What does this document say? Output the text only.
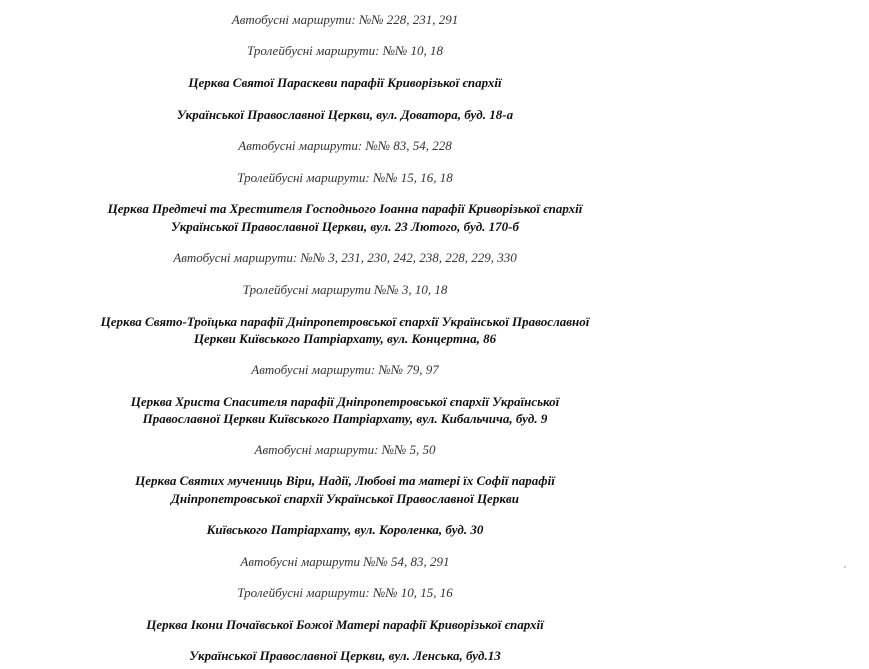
Автобусні маршрути: №№ 228, 231, 291
Тролейбусні маршрути: №№ 10, 18
Церква Святої Параскеви парафії Криворізької єпархії
Української Православної Церкви, вул. Доватора, буд. 18-а
Автобусні маршрути: №№ 83, 54, 228
Тролейбусні маршрути: №№ 15, 16, 18
Церква Предтечі та Хрестителя Господнього Іоанна парафії Криворізької єпархії
Української Православної Церкви, вул. 23 Лютого, буд. 170-б
Автобусні маршрути: №№ 3, 231, 230, 242, 238, 228, 229, 330
Тролейбусні маршрути №№ 3, 10, 18
Церква Свято-Троїцька парафії Дніпропетровської єпархії Української Православної
Церкви Київського Патріархату, вул. Концертна, 86
Автобусні маршрути: №№ 79, 97
Церква Христа Спасителя парафії Дніпропетровської єпархії Української
Православної Церкви Київського Патріархату, вул. Кибальчича, буд. 9
Автобусні маршрути: №№ 5, 50
Церква Святих мучениць Віри, Надії, Любові та матері їх Софії парафії
Дніпропетровської єпархії Української Православної Церкви
Київського Патріархату, вул. Короленка, буд. 30
Автобусні маршрути №№ 54, 83, 291
Тролейбусні маршрути: №№ 10, 15, 16
Церква Ікони Почаївської Божої Матері парафії Криворізької єпархії
Української Православної Церкви, вул. Ленська, буд.13
